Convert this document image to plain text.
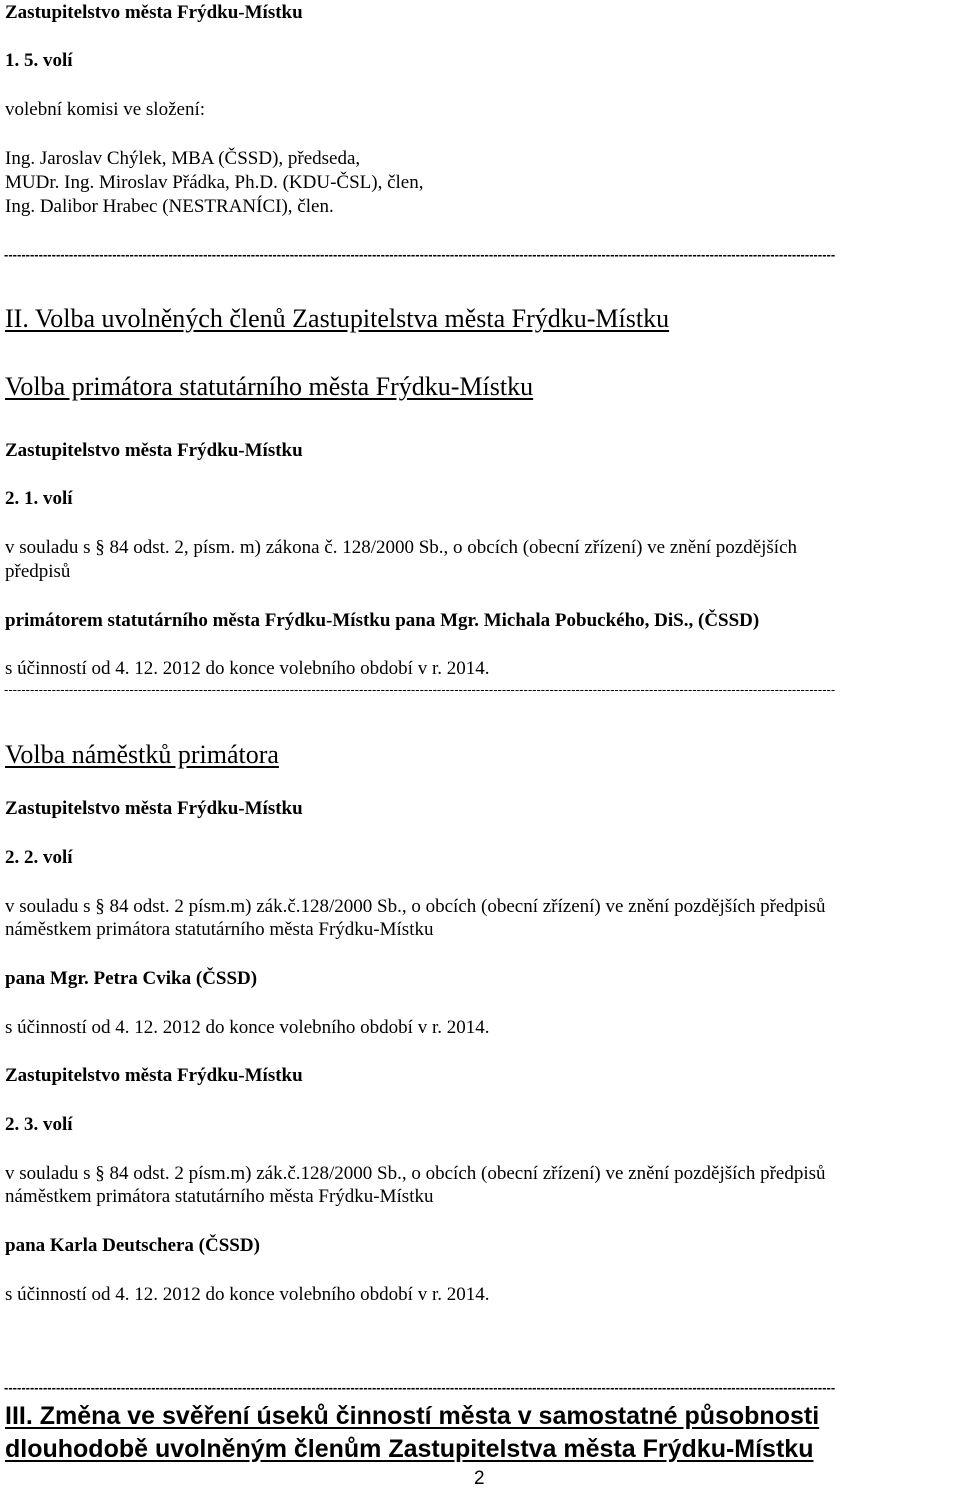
Zastupitelstvo města Frýdku-Místku
1. 5. volí
volební komisi ve složení:
Ing. Jaroslav Chýlek, MBA (ČSSD), předseda,
MUDr. Ing. Miroslav Přádka, Ph.D. (KDU-ČSL), člen,
Ing. Dalibor Hrabec (NESTRANÍCI), člen.
------------------------------------------------------------------------------------------------------------------------------------------------------------------------------------------------
II. Volba uvolněných členů Zastupitelstva města Frýdku-Místku
Volba primátora statutárního města Frýdku-Místku
Zastupitelstvo města Frýdku-Místku
2. 1. volí
v souladu s § 84 odst. 2, písm. m) zákona č. 128/2000 Sb., o obcích (obecní zřízení) ve znění pozdějších
předpisů
primátorem statutárního města Frýdku-Místku pana Mgr. Michala Pobuckého, DiS., (ČSSD)
s účinností od 4. 12. 2012 do konce volebního období v r. 2014.
------------------------------------------------------------------------------------------------------------------------------------------------------------------------------------------------
Volba náměstků primátora
Zastupitelstvo města Frýdku-Místku
2. 2. volí
v souladu s § 84 odst. 2 písm.m) zák.č.128/2000 Sb., o obcích (obecní zřízení) ve znění pozdějších předpisů
náměstkem primátora statutárního města Frýdku-Místku
pana Mgr. Petra Cvika (ČSSD)
s účinností od 4. 12. 2012 do konce volebního období v r. 2014.
Zastupitelstvo města Frýdku-Místku
2. 3. volí
v souladu s § 84 odst. 2 písm.m) zák.č.128/2000 Sb., o obcích (obecní zřízení) ve znění pozdějších předpisů
náměstkem primátora statutárního města Frýdku-Místku
pana Karla Deutschera (ČSSD)
s účinností od 4. 12. 2012 do konce volebního období v r. 2014.
------------------------------------------------------------------------------------------------------------------------------------------------------------------------------------------------
III. Změna ve svěření úseků činností města v samostatné působnosti
dlouhodobě uvolněným členům Zastupitelstva města Frýdku-Místku
2
